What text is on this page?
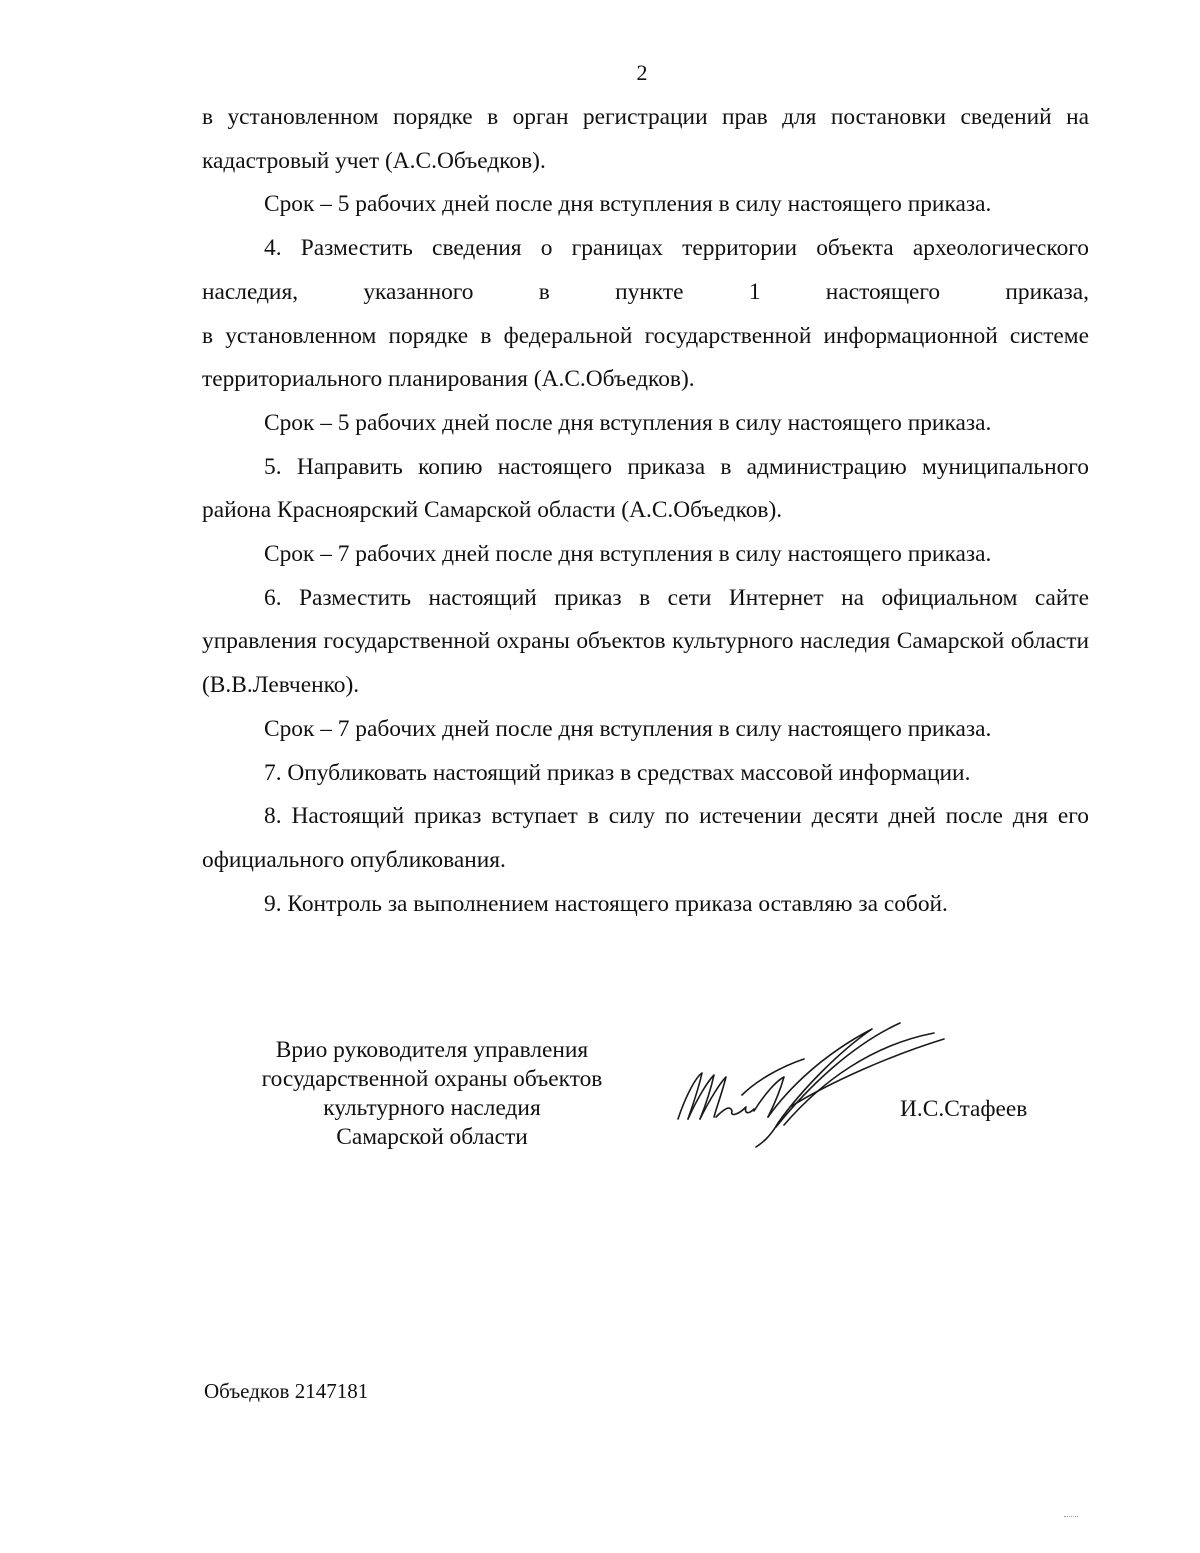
2

в установленном порядке в орган регистрации прав для постановки сведений на кадастровый учет (А.С.Объедков).

Срок – 5 рабочих дней после дня вступления в силу настоящего приказа.

4. Разместить сведения о границах территории объекта археологического наследия, указанного в пункте 1 настоящего приказа,

в установленном порядке в федеральной государственной информационной системе территориального планирования (А.С.Объедков).

Срок – 5 рабочих дней после дня вступления в силу настоящего приказа.

5. Направить копию настоящего приказа в администрацию муниципального района Красноярский Самарской области (А.С.Объедков).

Срок – 7 рабочих дней после дня вступления в силу настоящего приказа.

6. Разместить настоящий приказ в сети Интернет на официальном сайте управления государственной охраны объектов культурного наследия Самарской области (В.В.Левченко).

Срок – 7 рабочих дней после дня вступления в силу настоящего приказа.

7. Опубликовать настоящий приказ в средствах массовой информации.

8. Настоящий приказ вступает в силу по истечении десяти дней после дня его официального опубликования.

9. Контроль за выполнением настоящего приказа оставляю за собой.

Врио руководителя управления
государственной охраны объектов
культурного наследия
Самарской области
И.С.Стафеев
Объедков 2147181
